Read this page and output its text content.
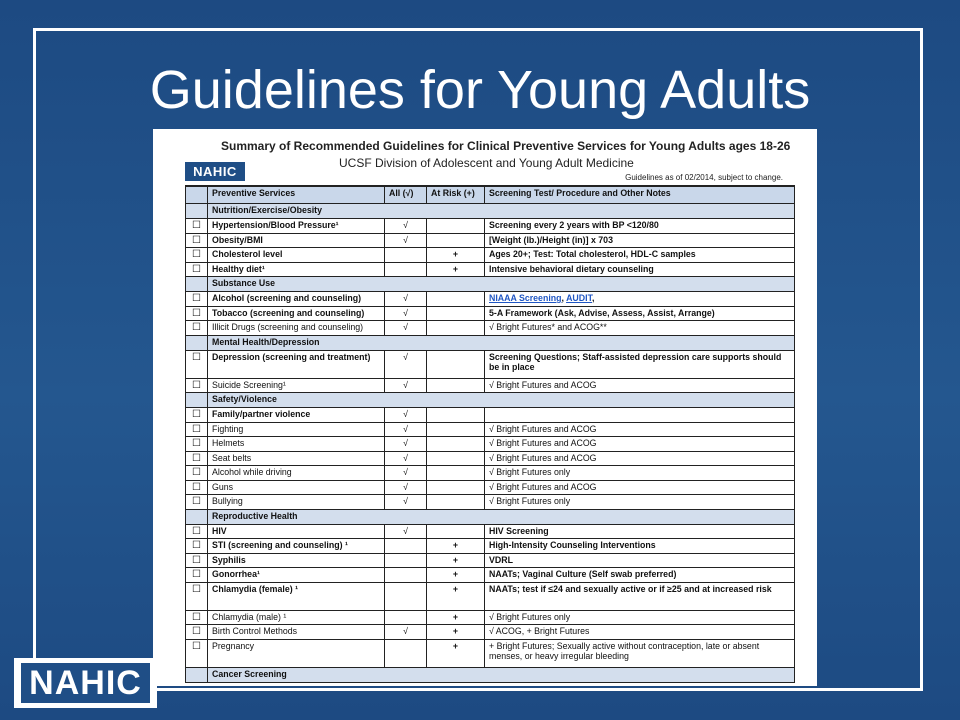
Guidelines for Young Adults
Summary of Recommended Guidelines for Clinical Preventive Services for Young Adults ages 18-26
NAHIC
UCSF Division of Adolescent and Young Adult Medicine
Guidelines as of 02/2014, subject to change.
	Preventive Services	All (√)	At Risk (+)	Screening Test/ Procedure and Other Notes
	Nutrition/Exercise/Obesity			
☐	Hypertension/Blood Pressure¹	√		Screening every 2 years with BP <120/80
☐	Obesity/BMI	√		[Weight (lb.)/Height (in)] x 703
☐	Cholesterol level		+	Ages 20+; Test: Total cholesterol, HDL-C samples
☐	Healthy diet¹		+	Intensive behavioral dietary counseling
	Substance Use			
☐	Alcohol (screening and counseling)	√		NIAAA Screening, AUDIT,
☐	Tobacco (screening and counseling)	√		5-A Framework (Ask, Advise, Assess, Assist, Arrange)
☐	Illicit Drugs (screening and counseling)	√		√ Bright Futures* and ACOG**
	Mental Health/Depression			
☐	Depression (screening and treatment)	√		Screening Questions; Staff-assisted depression care supports should be in place
☐	Suicide Screening¹	√		√ Bright Futures and ACOG
	Safety/Violence			
☐	Family/partner violence	√		
☐	Fighting	√		√ Bright Futures and ACOG
☐	Helmets	√		√ Bright Futures and ACOG
☐	Seat belts	√		√ Bright Futures and ACOG
☐	Alcohol while driving	√		√ Bright Futures only
☐	Guns	√		√ Bright Futures and ACOG
☐	Bullying	√		√ Bright Futures only
	Reproductive Health			
☐	HIV	√		HIV Screening
☐	STI (screening and counseling) ¹		+	High-Intensity Counseling Interventions
☐	Syphilis		+	VDRL
☐	Gonorrhea¹		+	NAATs; Vaginal Culture (Self swab preferred)
☐	Chlamydia (female) ¹		+	NAATs; test if ≤24 and sexually active or if ≥25 and at increased risk
☐	Chlamydia (male) ¹		+	√ Bright Futures only
☐	Birth Control Methods	√	+	√ ACOG, + Bright Futures
☐	Pregnancy		+	+ Bright Futures; Sexually active without contraception, late or absent menses, or heavy irregular bleeding
	Cancer Screening			
NAHIC
